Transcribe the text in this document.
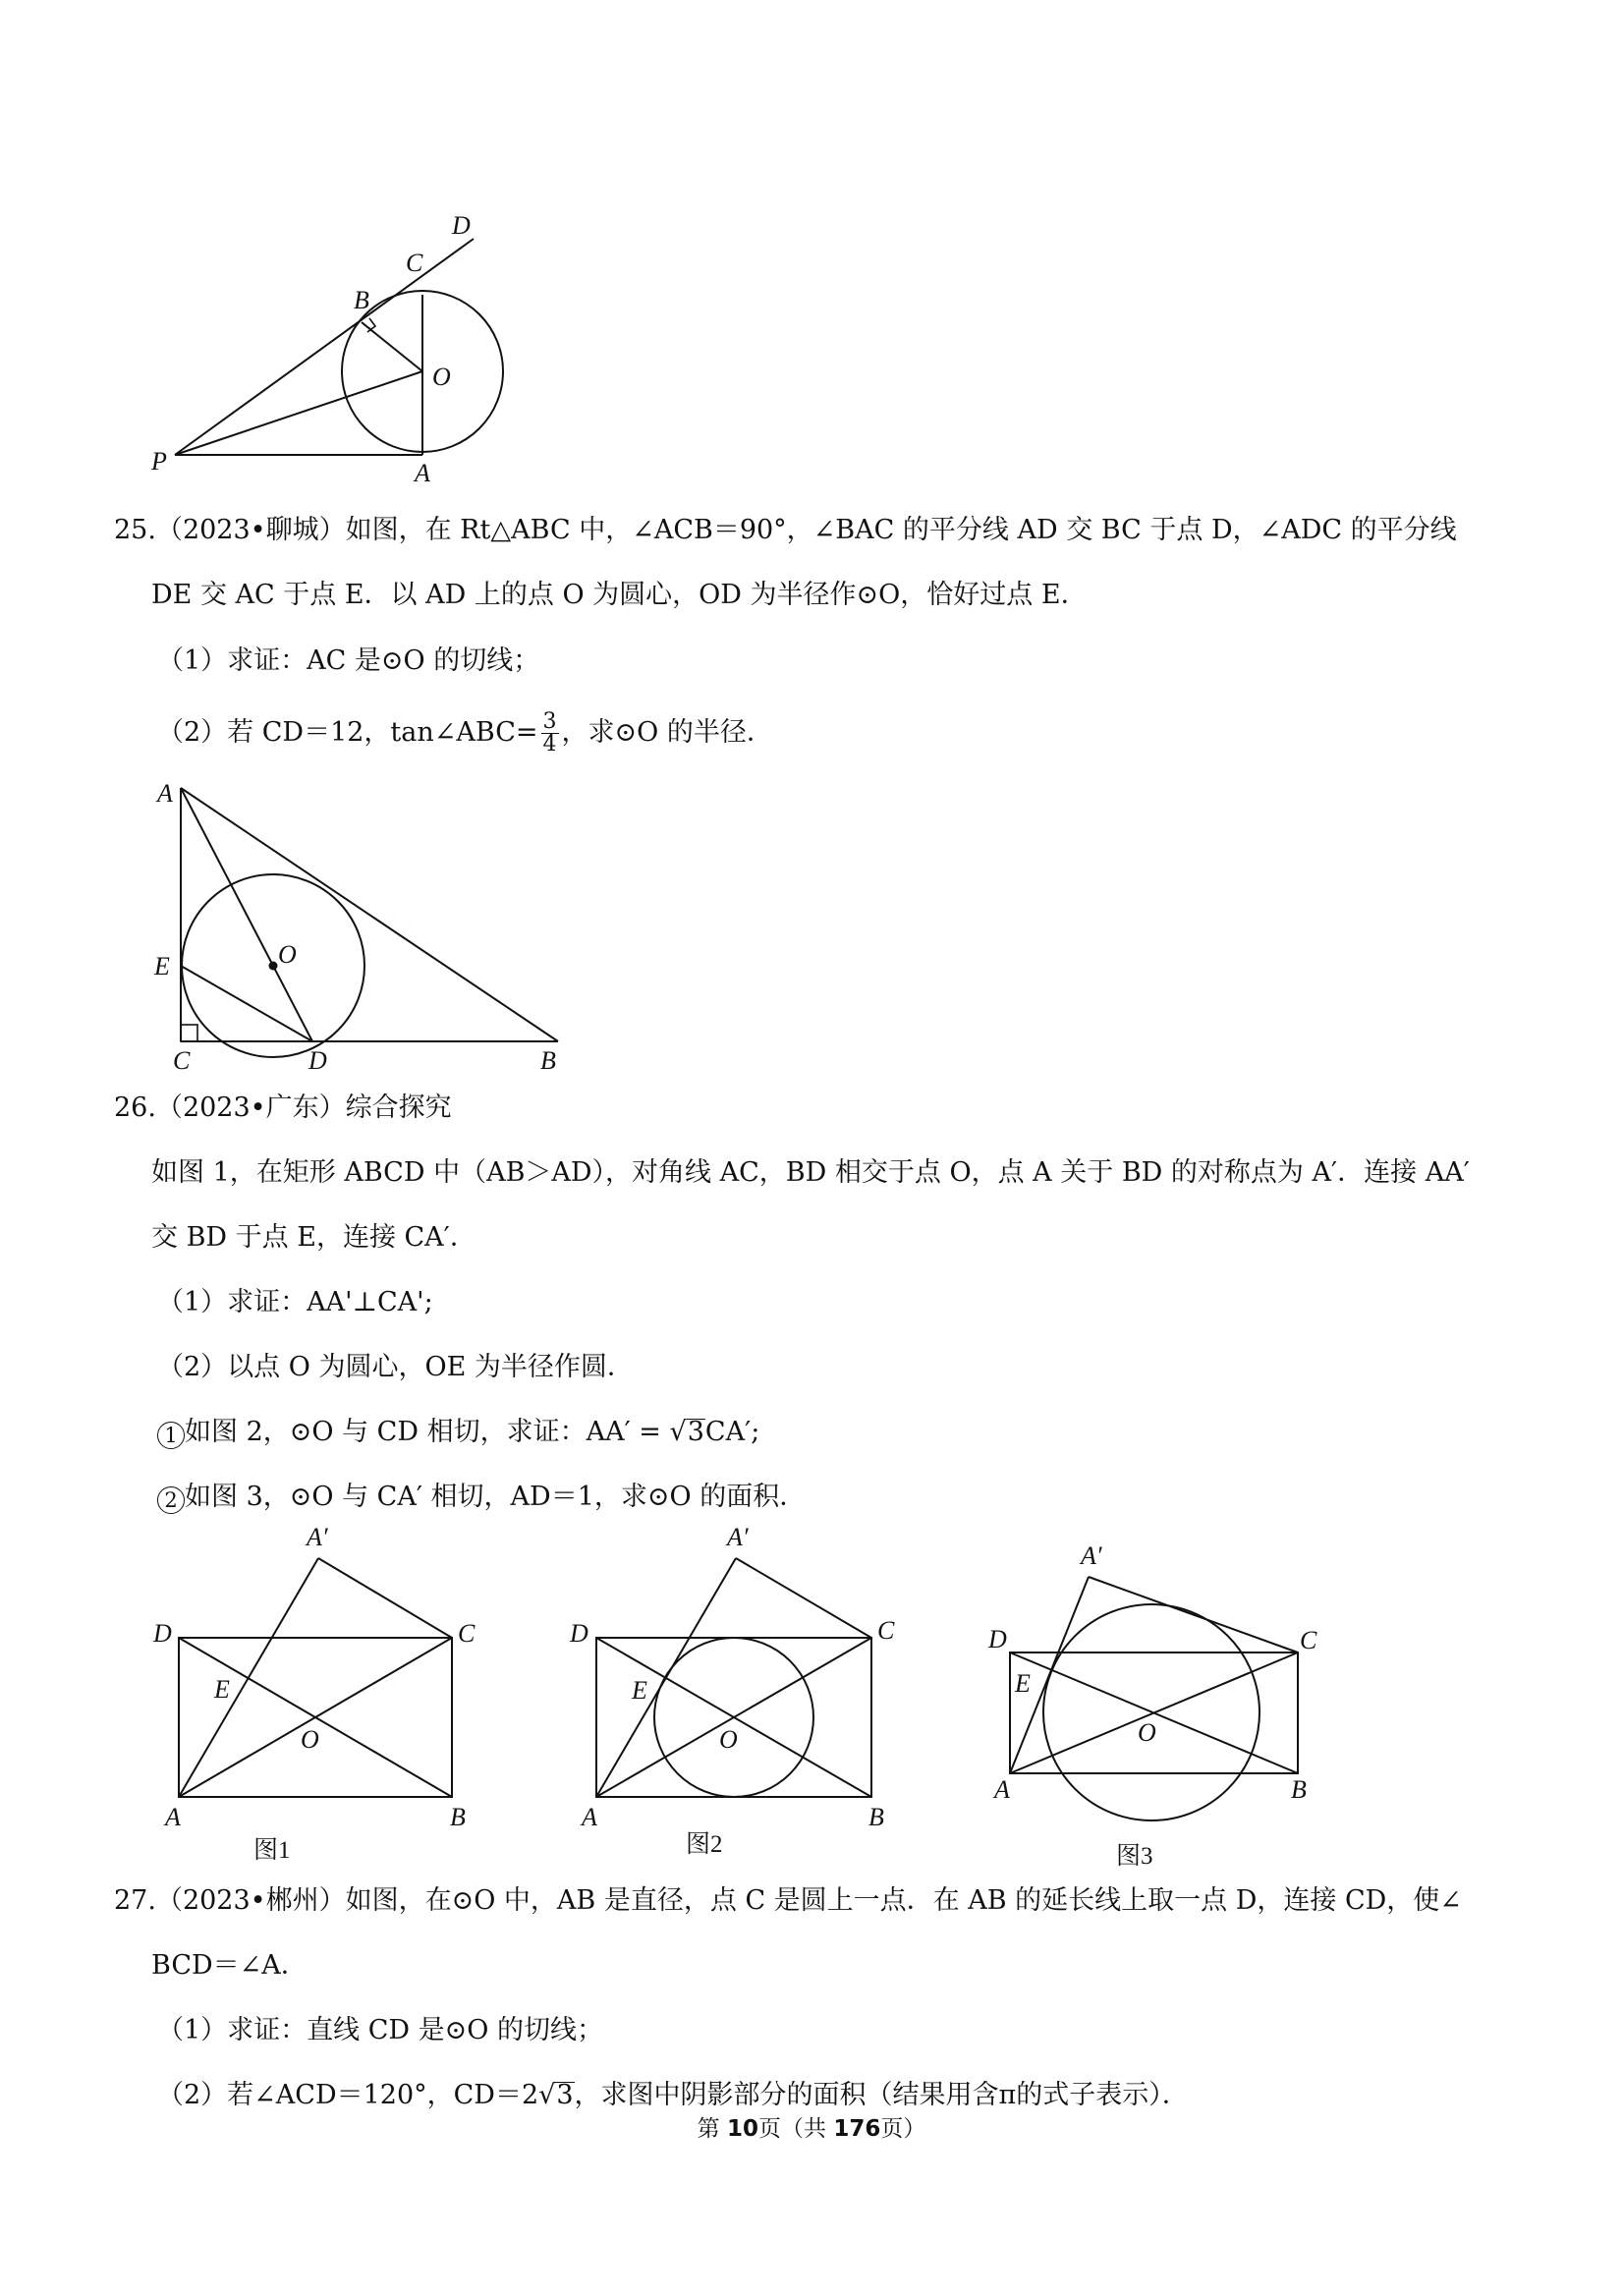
D
C
B
O
P	A
25.（2023•聊城）如图，在 Rt△ABC 中，∠ACB＝90°，∠BAC 的平分线 AD 交 BC 于点 D，∠ADC 的平分线
DE 交 AC 于点 E．以 AD 上的点 O 为圆心，OD 为半径作⊙O，恰好过点 E．
（1）求证：AC 是⊙O 的切线；
（2）若 CD＝12，tan∠ABC= $\frac{3}{4}$ ，求⊙O 的半径．
A
E	O
C	D	B
26.（2023•广东）综合探究
如图 1，在矩形 ABCD 中（AB＞AD），对角线 AC，BD 相交于点 O，点 A 关于 BD 的对称点为 A′．连接 AA′
交 BD 于点 E，连接 CA′．
（1）求证：AA'⊥CA';
（2）以点 O 为圆心，OE 为半径作圆．
1 如图 2，⊙O 与 CD 相切，求证：AA′ = √3CA′;
2 如图 3，⊙O 与 CA′ 相切，AD＝1，求⊙O 的面积．
A′
D	C
E
O
A	B
图1
A′
D	C
E
O
A	B
图2
A′
D	C
E
O
A	B
图3
27.（2023•郴州）如图，在⊙O 中，AB 是直径，点 C 是圆上一点．在 AB 的延长线上取一点 D，连接 CD，使∠
BCD＝∠A．
（1）求证：直线 CD 是⊙O 的切线；
（2）若∠ACD＝120°，CD＝2√3，求图中阴影部分的面积（结果用含π的式子表示）．
第 10页（共 176页）
